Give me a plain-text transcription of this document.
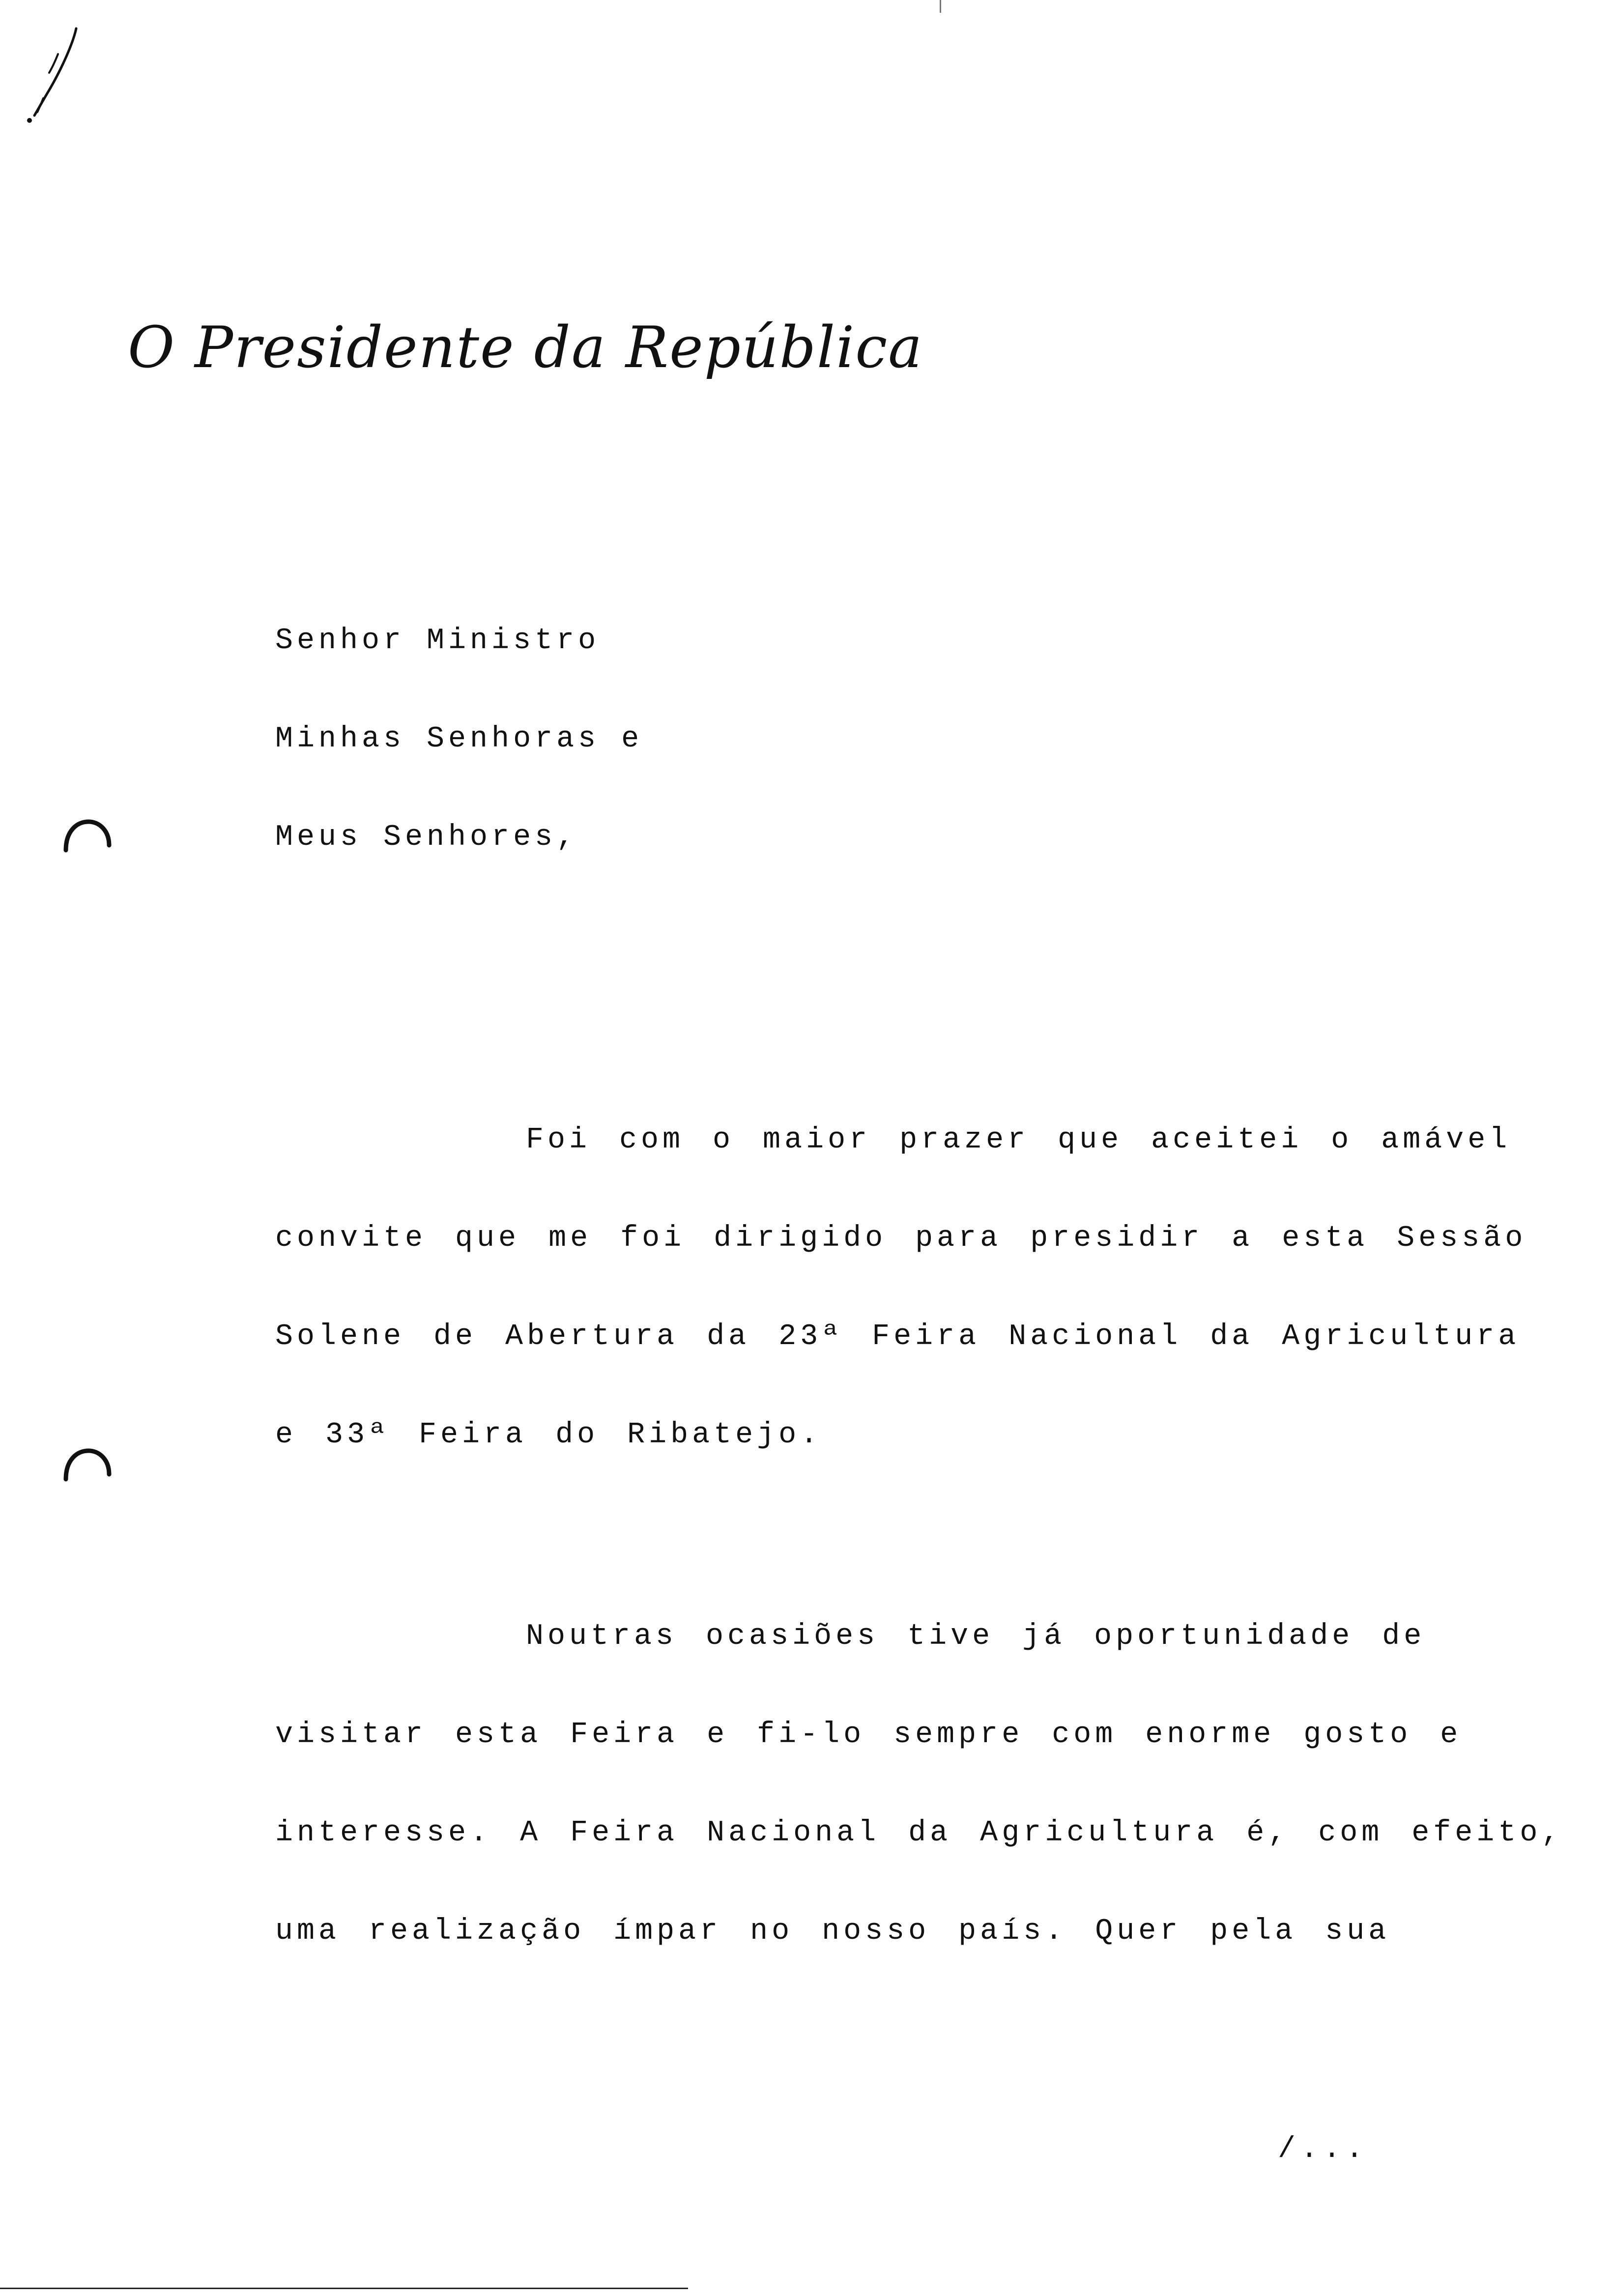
O Presidente da República
Senhor Ministro
Minhas Senhoras e
Meus Senhores,
Foi com o maior prazer que aceitei o amável
convite que me foi dirigido para presidir a esta Sessão
Solene de Abertura da 23ª Feira Nacional da Agricultura
e 33ª Feira do Ribatejo.
Noutras ocasiões tive já oportunidade de
visitar esta Feira e fi-lo sempre com enorme gosto e
interesse. A Feira Nacional da Agricultura é, com efeito,
uma realização ímpar no nosso país. Quer pela sua
/...
